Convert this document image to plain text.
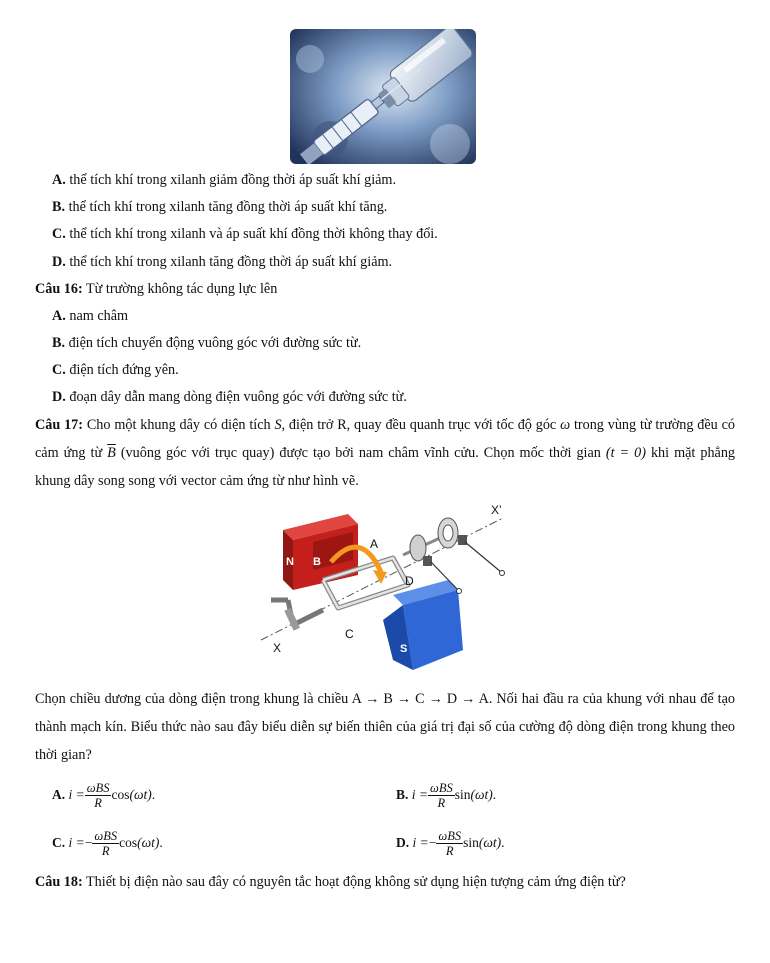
A. thể tích khí trong xilanh giảm đồng thời áp suất khí giảm.
B. thể tích khí trong xilanh tăng đồng thời áp suất khí tăng.
C. thể tích khí trong xilanh và áp suất khí đồng thời không thay đổi.
D. thể tích khí trong xilanh tăng đồng thời áp suất khí giảm.
Câu 16: Từ trường không tác dụng lực lên
A. nam châm
B. điện tích chuyển động vuông góc với đường sức từ.
C. điện tích đứng yên.
D. đoạn dây dẫn mang dòng điện vuông góc với đường sức từ.
Câu 17: Cho một khung dây có diện tích S, điện trở R, quay đều quanh trục với tốc độ góc ω trong vùng từ trường đều có cảm ứng từ $\overline{B}$ (vuông góc với trục quay) được tạo bởi nam châm vĩnh cửu. Chọn mốc thời gian (t = 0) khi mặt phẳng khung dây song song với vector cảm ứng từ như hình vẽ.
N B
A
D
C
S
X
X’
Chọn chiều dương của dòng điện trong khung là chiều A → B → C → D → A. Nối hai đầu ra của khung với nhau để tạo thành mạch kín. Biểu thức nào sau đây biểu diễn sự biến thiên của giá trị đại số của cường độ dòng điện trong khung theo thời gian?
A. $i = \frac{\text{ωBS}}{R} \cos(\omega t)$.	B. $i = \frac{\text{ωBS}}{R} \sin(\omega t)$.
C. $i =- \frac{\text{ωBS}}{R} \cos(\omega t)$.	D. $i =- \frac{\text{ωBS}}{R} \sin(\omega t)$.
Câu 18: Thiết bị điện nào sau đây có nguyên tắc hoạt động không sử dụng hiện tượng cảm ứng điện từ?
